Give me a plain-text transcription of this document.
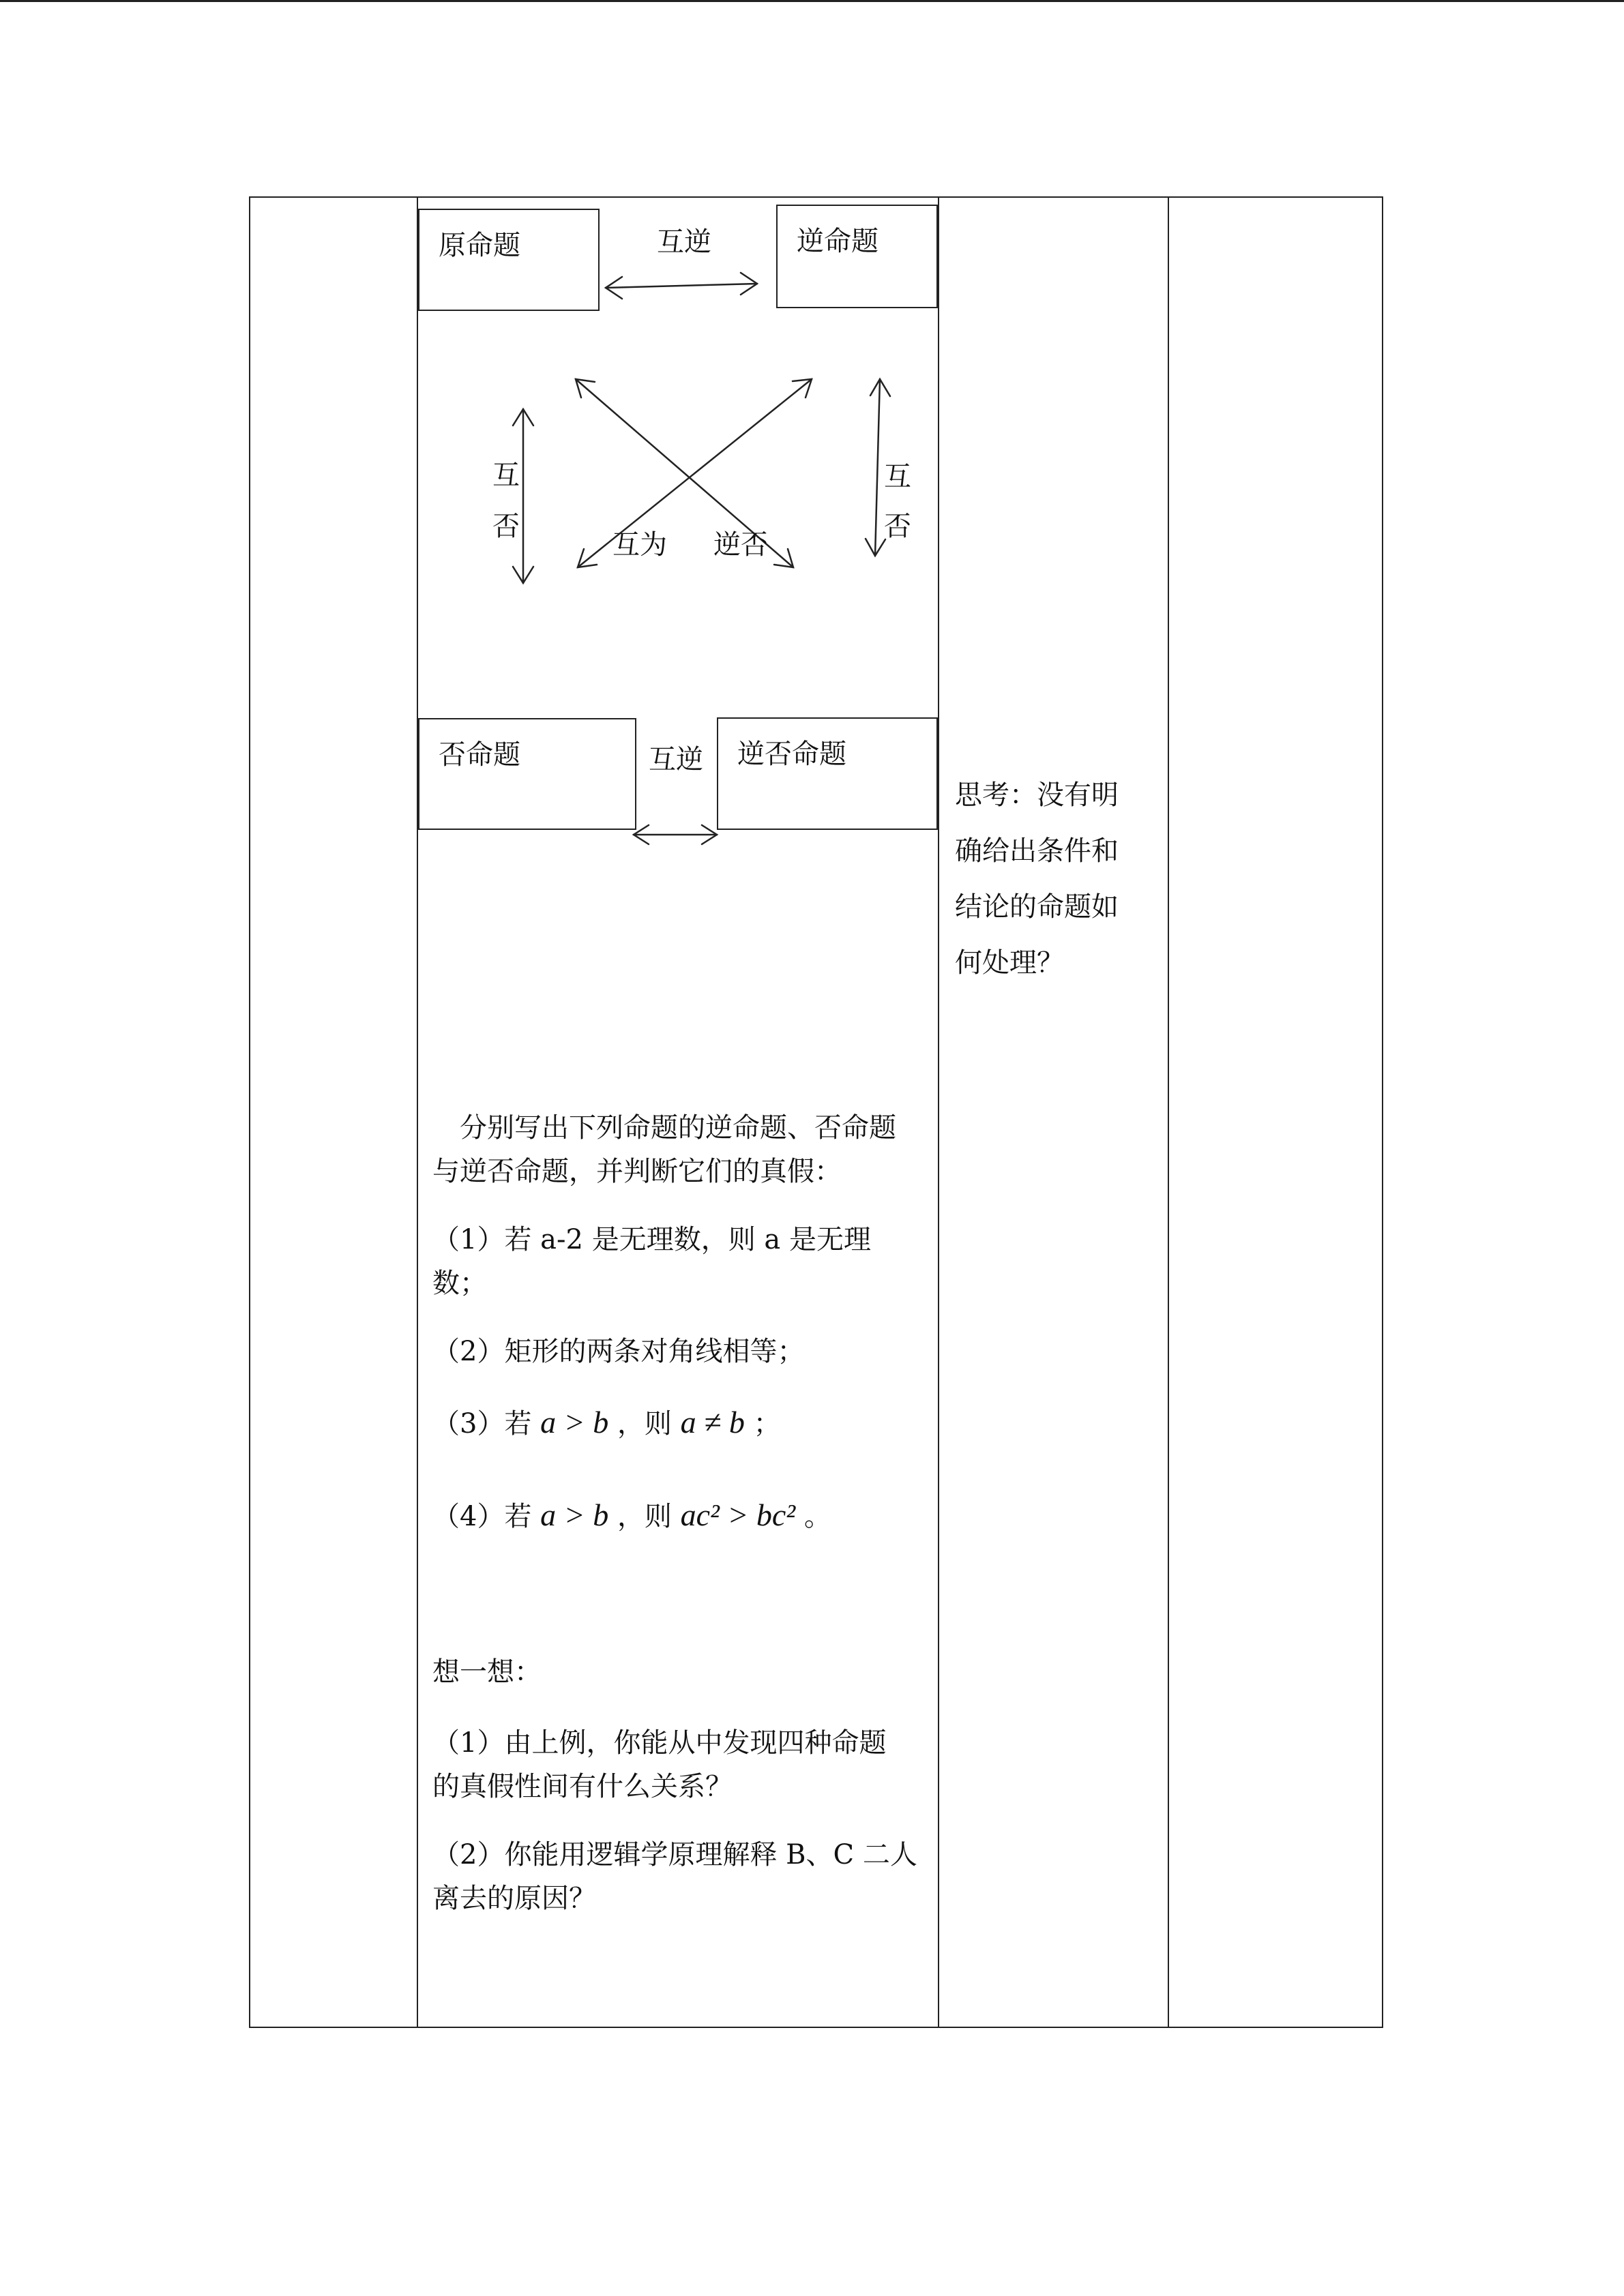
原命题	逆命题
否命题	逆否命题
互逆
互逆
互
否
互
否
互为 逆否
分别写出下列命题的逆命题、否命题
与逆否命题，并判断它们的真假：
（1）若 a-2 是无理数，则 a 是无理
数；
（2）矩形的两条对角线相等；
（3）若 a > b ，则 a ≠ b ；
（4）若 a > b ，则 ac² > bc² 。
想一想：
（1）由上例，你能从中发现四种命题
的真假性间有什么关系？
（2）你能用逻辑学原理解释 B、C 二人
离去的原因？
思考：没有明
确给出条件和
结论的命题如
何处理？
